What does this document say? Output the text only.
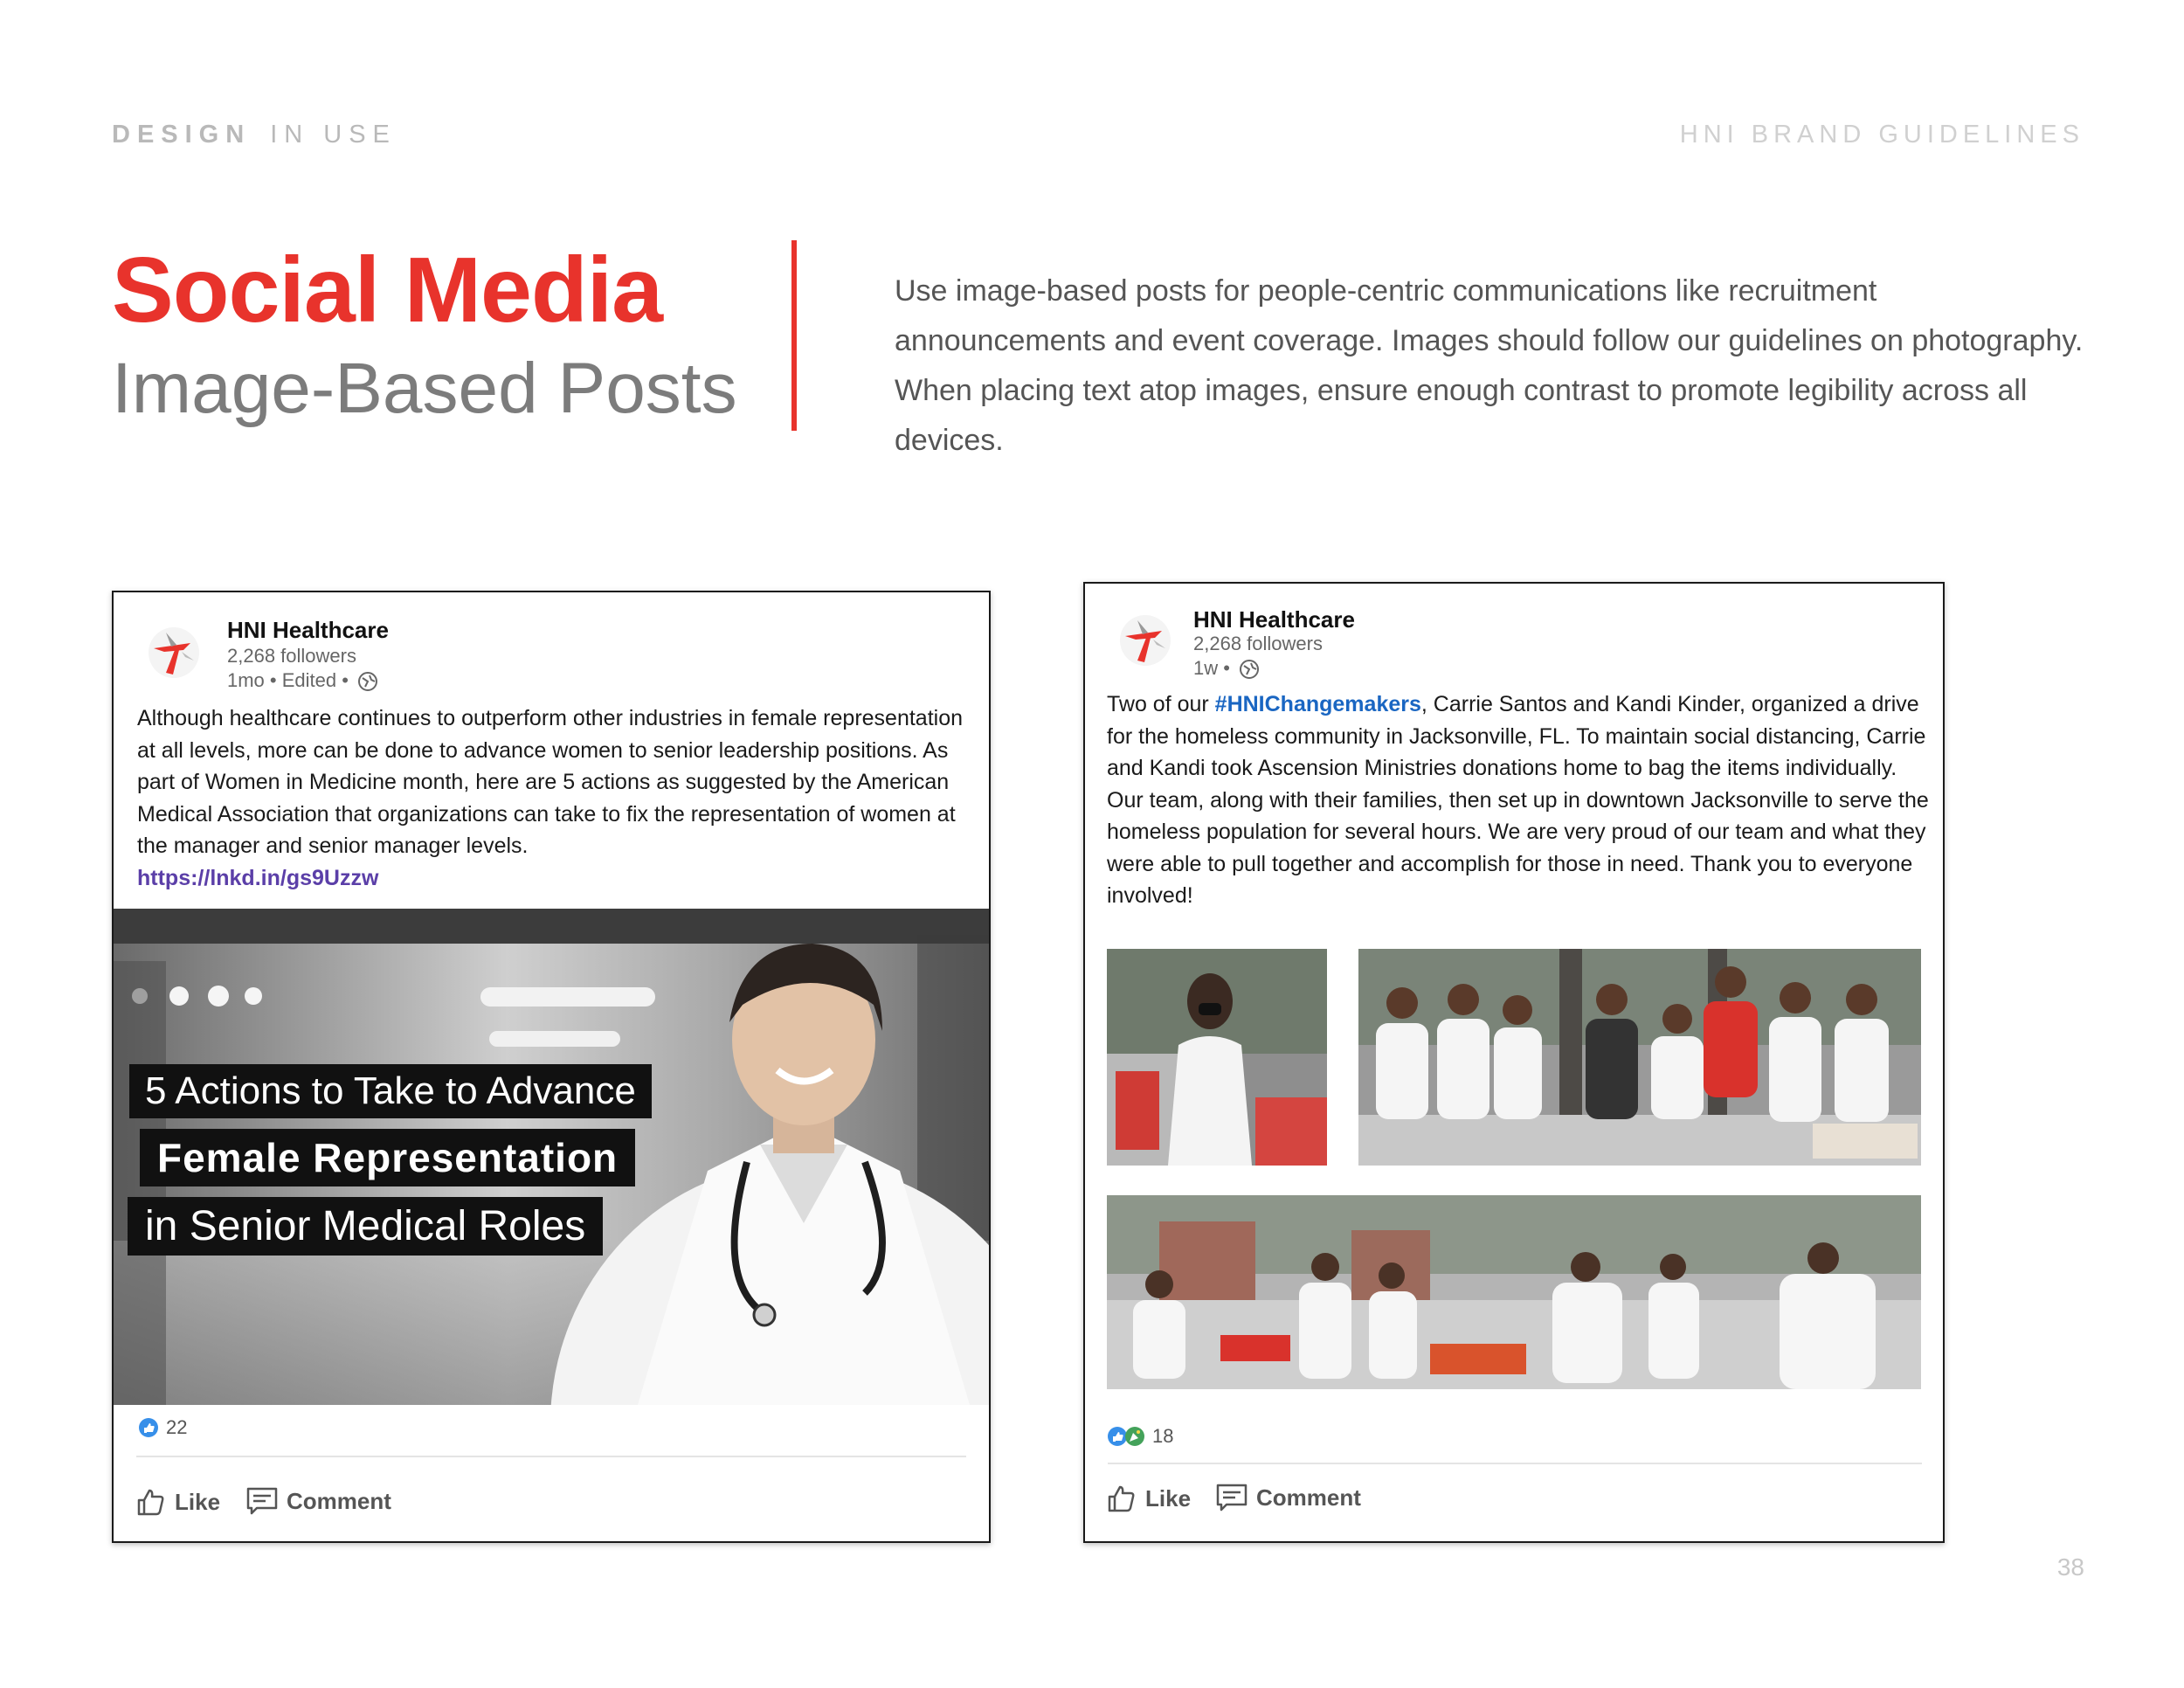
DESIGN IN USE	HNI BRAND GUIDELINES
Social Media
Image-Based Posts
Use image-based posts for people-centric communications like recruitment announcements and event coverage. Images should follow our guidelines on photography. When placing text atop images, ensure enough contrast to promote legibility across all devices.
HNI Healthcare
2,268 followers
1mo • Edited •
Although healthcare continues to outperform other industries in female representation at all levels, more can be done to advance women to senior leadership positions. As part of Women in Medicine month, here are 5 actions as suggested by the American Medical Association that organizations can take to fix the representation of women at the manager and senior manager levels.
https://lnkd.in/gs9Uzzw
5 Actions to Take to Advance
Female Representation
in Senior Medical Roles
22
Like	Comment
HNI Healthcare
2,268 followers
1w •
Two of our #HNIChangemakers, Carrie Santos and Kandi Kinder, organized a drive for the homeless community in Jacksonville, FL. To maintain social distancing, Carrie and Kandi took Ascension Ministries donations home to bag the items individually. Our team, along with their families, then set up in downtown Jacksonville to serve the homeless population for several hours. We are very proud of our team and what they were able to pull together and accomplish for those in need. Thank you to everyone involved!
18
Like	Comment
38
